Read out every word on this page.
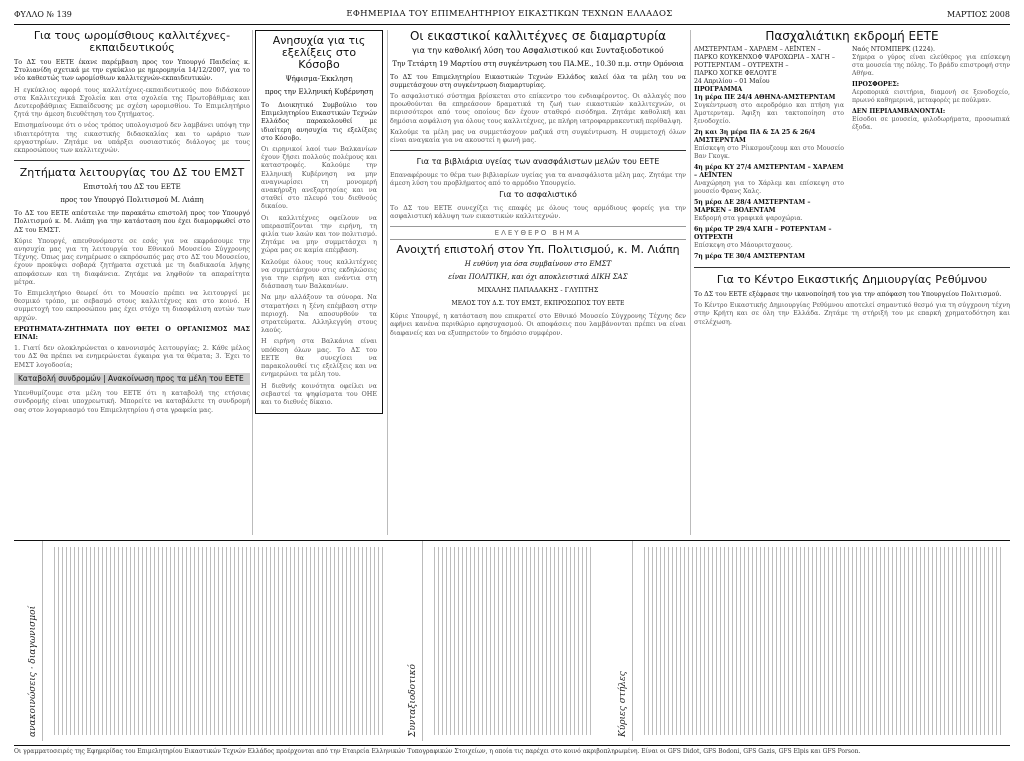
ΦΥΛΛΟ № 139	ΕΦΗΜΕΡΙΔΑ ΤΟΥ ΕΠΙΜΕΛΗΤΗΡΙΟΥ ΕΙΚΑΣΤΙΚΩΝ ΤΕΧΝΩΝ ΕΛΛΑΔΟΣ	ΜΑΡΤΙΟΣ 2008
Για τους ωρομίσθιους καλλιτέχνες-εκπαιδευτικούς

Το ΔΣ του ΕΕΤΕ έκανε παρέμβαση προς τον Υπουργό Παιδείας κ. Στυλιανίδη σχετικά με την εγκύκλιο με ημερομηνία 14/12/2007, για το νέο καθεστώς των ωρομίσθιων καλλιτεχνών-εκπαιδευτικών.

Η εγκύκλιος αφορά τους καλλιτέχνες-εκπαιδευτικούς που διδάσκουν στα Καλλιτεχνικά Σχολεία και στα σχολεία της Πρωτοβάθμιας και Δευτεροβάθμιας Εκπαίδευσης με σχέση ωρομισθίου. Το Επιμελητήριο ζητά την άμεση διευθέτηση του ζητήματος.

Επισημαίνουμε ότι ο νέος τρόπος υπολογισμού δεν λαμβάνει υπόψη την ιδιαιτερότητα της εικαστικής διδασκαλίας και το ωράριο των εργαστηρίων. Ζητάμε να υπάρξει ουσιαστικός διάλογος με τους εκπροσώπους των καλλιτεχνών.

Ζητήματα λειτουργίας του ΔΣ του ΕΜΣΤ
Επιστολή του ΔΣ του ΕΕΤΕ
προς τον Υπουργό Πολιτισμού Μ. Λιάπη

Το ΔΣ του ΕΕΤΕ απέστειλε την παρακάτω επιστολή προς τον Υπουργό Πολιτισμού κ. Μ. Λιάπη για την κατάσταση που έχει διαμορφωθεί στο ΔΣ του ΕΜΣΤ.

Κύριε Υπουργέ, απευθυνόμαστε σε εσάς για να εκφράσουμε την ανησυχία μας για τη λειτουργία του Εθνικού Μουσείου Σύγχρονης Τέχνης. Όπως μας ενημέρωσε ο εκπρόσωπός μας στο ΔΣ του Μουσείου, έχουν προκύψει σοβαρά ζητήματα σχετικά με τη διαδικασία λήψης αποφάσεων και τη διαφάνεια. Ζητάμε να ληφθούν τα απαραίτητα μέτρα.

Το Επιμελητήριο θεωρεί ότι το Μουσείο πρέπει να λειτουργεί με θεσμικό τρόπο, με σεβασμό στους καλλιτέχνες και στο κοινό. Η συμμετοχή του εκπροσώπου μας έχει στόχο τη διασφάλιση αυτών των αρχών.

ΕΡΩΤΗΜΑΤΑ-ΖΗΤΗΜΑΤΑ ΠΟΥ ΘΕΤΕΙ Ο ΟΡΓΑΝΙΣΜΟΣ ΜΑΣ ΕΙΝΑΙ:

1. Γιατί δεν ολοκληρώνεται ο κανονισμός λειτουργίας; 2. Κάθε μέλος του ΔΣ θα πρέπει να ενημερώνεται έγκαιρα για τα θέματα; 3. Έχει το ΕΜΣΤ λογοδοσία;

Καταβολή συνδρομών | Ανακοίνωση προς τα μέλη του ΕΕΤΕ

Υπενθυμίζουμε στα μέλη του ΕΕΤΕ ότι η καταβολή της ετήσιας συνδρομής είναι υποχρεωτική. Μπορείτε να καταβάλετε τη συνδρομή σας στον λογαριασμό του Επιμελητηρίου ή στα γραφεία μας.

Ανησυχία για τις εξελίξεις στο Κόσοβο
Ψήφισμα-Έκκληση
προς την Ελληνική Κυβέρνηση

Το Διοικητικό Συμβούλιο του Επιμελητηρίου Εικαστικών Τεχνών Ελλάδος παρακολουθεί με ιδιαίτερη ανησυχία τις εξελίξεις στο Κόσοβο.

Οι ειρηνικοί λαοί των Βαλκανίων έχουν ζήσει πολλούς πολέμους και καταστροφές. Καλούμε την Ελληνική Κυβέρνηση να μην αναγνωρίσει τη μονομερή ανακήρυξη ανεξαρτησίας και να σταθεί στο πλευρό του διεθνούς δικαίου.

Οι καλλιτέχνες οφείλουν να υπερασπίζονται την ειρήνη, τη φιλία των λαών και τον πολιτισμό. Ζητάμε να μην συμμετάσχει η χώρα μας σε καμία επέμβαση.

Καλούμε όλους τους καλλιτέχνες να συμμετάσχουν στις εκδηλώσεις για την ειρήνη και ενάντια στη διάσπαση των Βαλκανίων.

Να μην αλλάξουν τα σύνορα. Να σταματήσει η ξένη επέμβαση στην περιοχή. Να αποσυρθούν τα στρατεύματα. Αλληλεγγύη στους λαούς.

Η ειρήνη στα Βαλκάνια είναι υπόθεση όλων μας. Το ΔΣ του ΕΕΤΕ θα συνεχίσει να παρακολουθεί τις εξελίξεις και να ενημερώνει τα μέλη του.

Η διεθνής κοινότητα οφείλει να σεβαστεί τα ψηφίσματα του ΟΗΕ και το διεθνές δίκαιο.

Οι εικαστικοί καλλιτέχνες σε διαμαρτυρία
για την καθολική λύση του Ασφαλιστικού και Συνταξιοδοτικού
Την Τετάρτη 19 Μαρτίου στη συγκέντρωση του ΠΑ.ΜΕ., 10.30 π.μ. στην Ομόνοια

Το ΔΣ του Επιμελητηρίου Εικαστικών Τεχνών Ελλάδος καλεί όλα τα μέλη του να συμμετάσχουν στη συγκέντρωση διαμαρτυρίας.

Το ασφαλιστικό σύστημα βρίσκεται στο επίκεντρο του ενδιαφέροντος. Οι αλλαγές που προωθούνται θα επηρεάσουν δραματικά τη ζωή των εικαστικών καλλιτεχνών, οι περισσότεροι από τους οποίους δεν έχουν σταθερό εισόδημα. Ζητάμε καθολική και δημόσια ασφάλιση για όλους τους καλλιτέχνες, με πλήρη ιατροφαρμακευτική περίθαλψη.

Καλούμε τα μέλη μας να συμμετάσχουν μαζικά στη συγκέντρωση. Η συμμετοχή όλων είναι αναγκαία για να ακουστεί η φωνή μας.

Για τα βιβλιάρια υγείας των ανασφάλιστων μελών του ΕΕΤΕ

Επαναφέρουμε το θέμα των βιβλιαρίων υγείας για τα ανασφάλιστα μέλη μας. Ζητάμε την άμεση λύση του προβλήματος από το αρμόδιο Υπουργείο.

Για το ασφαλιστικό

Το ΔΣ του ΕΕΤΕ συνεχίζει τις επαφές με όλους τους αρμόδιους φορείς για την ασφαλιστική κάλυψη των εικαστικών καλλιτεχνών.

ΕΛΕΥΘΕΡΟ ΒΗΜΑ
Ανοιχτή επιστολή στον Υπ. Πολιτισμού, κ. Μ. Λιάπη
Η ευθύνη για όσα συμβαίνουν στο ΕΜΣΤ
είναι ΠΟΛΙΤΙΚΗ, και όχι αποκλειστικά ΔΙΚΗ ΣΑΣ
ΜΙΧΑΛΗΣ ΠΑΠΑΔΑΚΗΣ - ΓΛΥΠΤΗΣ
ΜΕΛΟΣ ΤΟΥ Δ.Σ. ΤΟΥ ΕΜΣΤ, ΕΚΠΡΟΣΩΠΟΣ ΤΟΥ ΕΕΤΕ

Κύριε Υπουργέ, η κατάσταση που επικρατεί στο Εθνικό Μουσείο Σύγχρονης Τέχνης δεν αφήνει κανένα περιθώριο εφησυχασμού. Οι αποφάσεις που λαμβάνονται πρέπει να είναι διαφανείς και να εξυπηρετούν το δημόσιο συμφέρον.

Πασχαλιάτικη εκδρομή ΕΕΤΕ
ΑΜΣΤΕΡΝΤΑΜ – ΧΑΡΛΕΜ – ΛΕΪΝΤΕΝ –
ΠΑΡΚΟ ΚΟΥΚΕΝΧΟΦ ΨΑΡΟΧΩΡΙΑ – ΧΑΓΗ –
ΡΟΤΤΕΡΝΤΑΜ – ΟΥΤΡΕΧΤΗ –
ΠΑΡΚΟ ΧΟΓΚΕ ΦΕΛΟΥΓΕ
24 Απριλίου – 01 Μαΐου
ΠΡΟΓΡΑΜΜΑ
1η μέρα ΠΕ 24/4 ΑΘΗΝΑ-ΑΜΣΤΕΡΝΤΑΜ

Συγκέντρωση στο αεροδρόμιο και πτήση για Άμστερνταμ. Άφιξη και τακτοποίηση στο ξενοδοχείο.

2η και 3η μέρα ΠΑ & ΣΑ 25 & 26/4 ΑΜΣΤΕΡΝΤΑΜ

Επίσκεψη στο Ρίικσμουζεουμ και στο Μουσείο Βαν Γκογκ.

4η μέρα ΚΥ 27/4 ΑΜΣΤΕΡΝΤΑΜ – ΧΑΡΛΕΜ – ΛΕΪΝΤΕΝ

Αναχώρηση για το Χάρλεμ και επίσκεψη στο μουσείο Φρανς Χαλς.

5η μέρα ΔΕ 28/4 ΑΜΣΤΕΡΝΤΑΜ – ΜΑΡΚΕΝ – ΒΟΛΕΝΤΑΜ

Εκδρομή στα γραφικά ψαροχώρια.

6η μέρα ΤΡ 29/4 ΧΑΓΗ – ΡΟΤΕΡΝΤΑΜ – ΟΥΤΡΕΧΤΗ

Επίσκεψη στο Μάουριτσχαους.

7η μέρα ΤΕ 30/4 ΑΜΣΤΕΡΝΤΑΜ
Ναός ΝΤΟΜΠΕΡΚ (1224).

Σήμερα ο γύρος είναι ελεύθερος για επίσκεψη στα μουσεία της πόλης. Το βράδυ επιστροφή στην Αθήνα.

ΠΡΟΣΦΟΡΕΣ:

Αεροπορικά εισιτήρια, διαμονή σε ξενοδοχείο, πρωινό καθημερινά, μεταφορές με πούλμαν.

ΔΕΝ ΠΕΡΙΛΑΜΒΑΝΟΝΤΑΙ:

Είσοδοι σε μουσεία, φιλοδωρήματα, προσωπικά έξοδα.

Για το Κέντρο Εικαστικής Δημιουργίας Ρεθύμνου

Το ΔΣ του ΕΕΤΕ εξέφρασε την ικανοποίησή του για την απόφαση του Υπουργείου Πολιτισμού.

Το Κέντρο Εικαστικής Δημιουργίας Ρεθύμνου αποτελεί σημαντικό θεσμό για τη σύγχρονη τέχνη στην Κρήτη και σε όλη την Ελλάδα. Ζητάμε τη στήριξή του με επαρκή χρηματοδότηση και στελέχωση.

ανακοινώσεις · διαγωνισμοί	Συνταξιοδοτικό	Κύριες στήλες
Οι γραμματοσειρές της Εφημερίδας του Επιμελητηρίου Εικαστικών Τεχνών Ελλάδος προέρχονται από την Εταιρεία Ελληνικών Τυπογραφικών Στοιχείων, η οποία τις παρέχει στο κοινό ακριβοπληρωμένη. Είναι οι GFS Didot, GFS Bodoni, GFS Gazis, GFS Elpis και GFS Porson.
